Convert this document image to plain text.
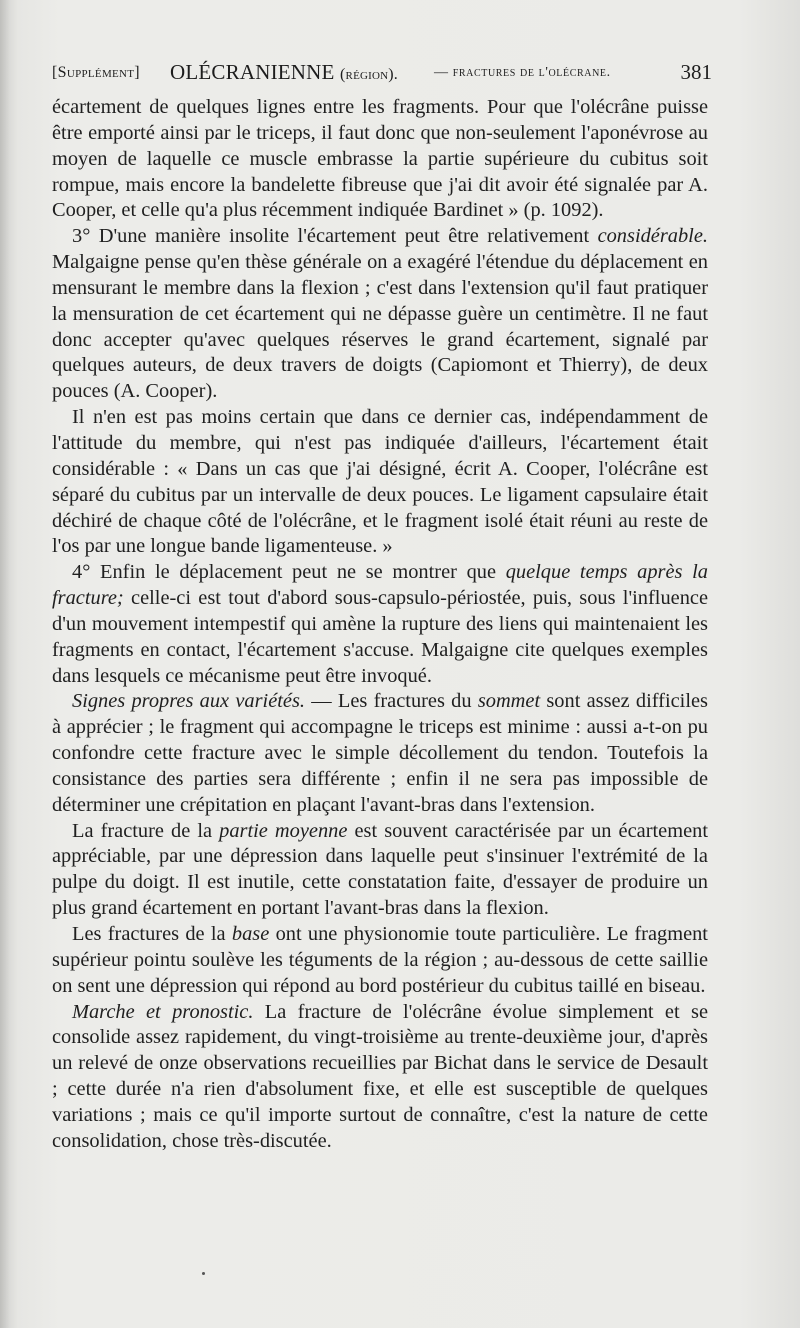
[Supplément] OLÉCRANIENNE (région).	— fractures de l'olécrane.	381

écartement de quelques lignes entre les fragments. Pour que l'olécrâne puisse être emporté ainsi par le triceps, il faut donc que non-seulement l'aponévrose au moyen de laquelle ce muscle embrasse la partie supérieure du cubitus soit rompue, mais encore la bandelette fibreuse que j'ai dit avoir été signalée par A. Cooper, et celle qu'a plus récemment indiquée Bardinet » (p. 1092).

3° D'une manière insolite l'écartement peut être relativement considérable. Malgaigne pense qu'en thèse générale on a exagéré l'étendue du déplacement en mensurant le membre dans la flexion ; c'est dans l'extension qu'il faut pratiquer la mensuration de cet écartement qui ne dépasse guère un centimètre. Il ne faut donc accepter qu'avec quelques réserves le grand écartement, signalé par quelques auteurs, de deux travers de doigts (Capiomont et Thierry), de deux pouces (A. Cooper).

Il n'en est pas moins certain que dans ce dernier cas, indépendamment de l'attitude du membre, qui n'est pas indiquée d'ailleurs, l'écartement était considérable : « Dans un cas que j'ai désigné, écrit A. Cooper, l'olécrâne est séparé du cubitus par un intervalle de deux pouces. Le ligament capsulaire était déchiré de chaque côté de l'olécrâne, et le fragment isolé était réuni au reste de l'os par une longue bande ligamenteuse. »

4° Enfin le déplacement peut ne se montrer que quelque temps après la fracture; celle-ci est tout d'abord sous-capsulo-périostée, puis, sous l'influence d'un mouvement intempestif qui amène la rupture des liens qui maintenaient les fragments en contact, l'écartement s'accuse. Malgaigne cite quelques exemples dans lesquels ce mécanisme peut être invoqué.

Signes propres aux variétés. — Les fractures du sommet sont assez difficiles à apprécier ; le fragment qui accompagne le triceps est minime : aussi a-t-on pu confondre cette fracture avec le simple décollement du tendon. Toutefois la consistance des parties sera différente ; enfin il ne sera pas impossible de déterminer une crépitation en plaçant l'avant-bras dans l'extension.

La fracture de la partie moyenne est souvent caractérisée par un écartement appréciable, par une dépression dans laquelle peut s'insinuer l'extrémité de la pulpe du doigt. Il est inutile, cette constatation faite, d'essayer de produire un plus grand écartement en portant l'avant-bras dans la flexion.

Les fractures de la base ont une physionomie toute particulière. Le fragment supérieur pointu soulève les téguments de la région ; au-dessous de cette saillie on sent une dépression qui répond au bord postérieur du cubitus taillé en biseau.

Marche et pronostic. La fracture de l'olécrâne évolue simplement et se consolide assez rapidement, du vingt-troisième au trente-deuxième jour, d'après un relevé de onze observations recueillies par Bichat dans le service de Desault ; cette durée n'a rien d'absolument fixe, et elle est susceptible de quelques variations ; mais ce qu'il importe surtout de connaître, c'est la nature de cette consolidation, chose très-discutée.
